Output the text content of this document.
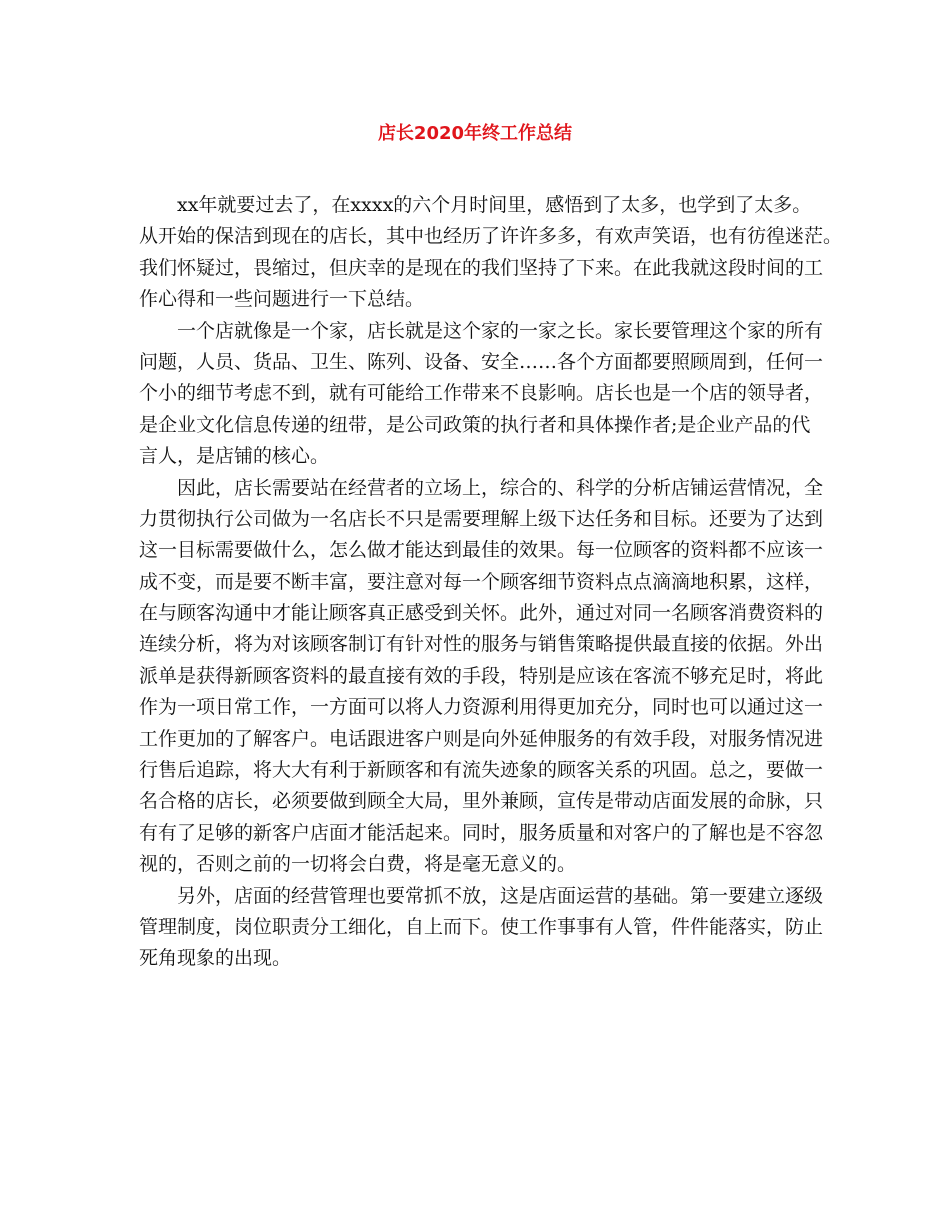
店长2020年终工作总结
xx年就要过去了，在xxxx的六个月时间里，感悟到了太多，也学到了太多。
从开始的保洁到现在的店长，其中也经历了许许多多，有欢声笑语，也有彷徨迷茫。
我们怀疑过，畏缩过，但庆幸的是现在的我们坚持了下来。在此我就这段时间的工
作心得和一些问题进行一下总结。
一个店就像是一个家，店长就是这个家的一家之长。家长要管理这个家的所有
问题，人员、货品、卫生、陈列、设备、安全……各个方面都要照顾周到，任何一
个小的细节考虑不到，就有可能给工作带来不良影响。店长也是一个店的领导者，
是企业文化信息传递的纽带，是公司政策的执行者和具体操作者;是企业产品的代
言人，是店铺的核心。
因此，店长需要站在经营者的立场上，综合的、科学的分析店铺运营情况，全
力贯彻执行公司做为一名店长不只是需要理解上级下达任务和目标。还要为了达到
这一目标需要做什么，怎么做才能达到最佳的效果。每一位顾客的资料都不应该一
成不变，而是要不断丰富，要注意对每一个顾客细节资料点点滴滴地积累，这样，
在与顾客沟通中才能让顾客真正感受到关怀。此外，通过对同一名顾客消费资料的
连续分析，将为对该顾客制订有针对性的服务与销售策略提供最直接的依据。外出
派单是获得新顾客资料的最直接有效的手段，特别是应该在客流不够充足时，将此
作为一项日常工作，一方面可以将人力资源利用得更加充分，同时也可以通过这一
工作更加的了解客户。电话跟进客户则是向外延伸服务的有效手段，对服务情况进
行售后追踪，将大大有利于新顾客和有流失迹象的顾客关系的巩固。总之，要做一
名合格的店长，必须要做到顾全大局，里外兼顾，宣传是带动店面发展的命脉，只
有有了足够的新客户店面才能活起来。同时，服务质量和对客户的了解也是不容忽
视的，否则之前的一切将会白费，将是毫无意义的。
另外，店面的经营管理也要常抓不放，这是店面运营的基础。第一要建立逐级
管理制度，岗位职责分工细化，自上而下。使工作事事有人管，件件能落实，防止
死角现象的出现。
